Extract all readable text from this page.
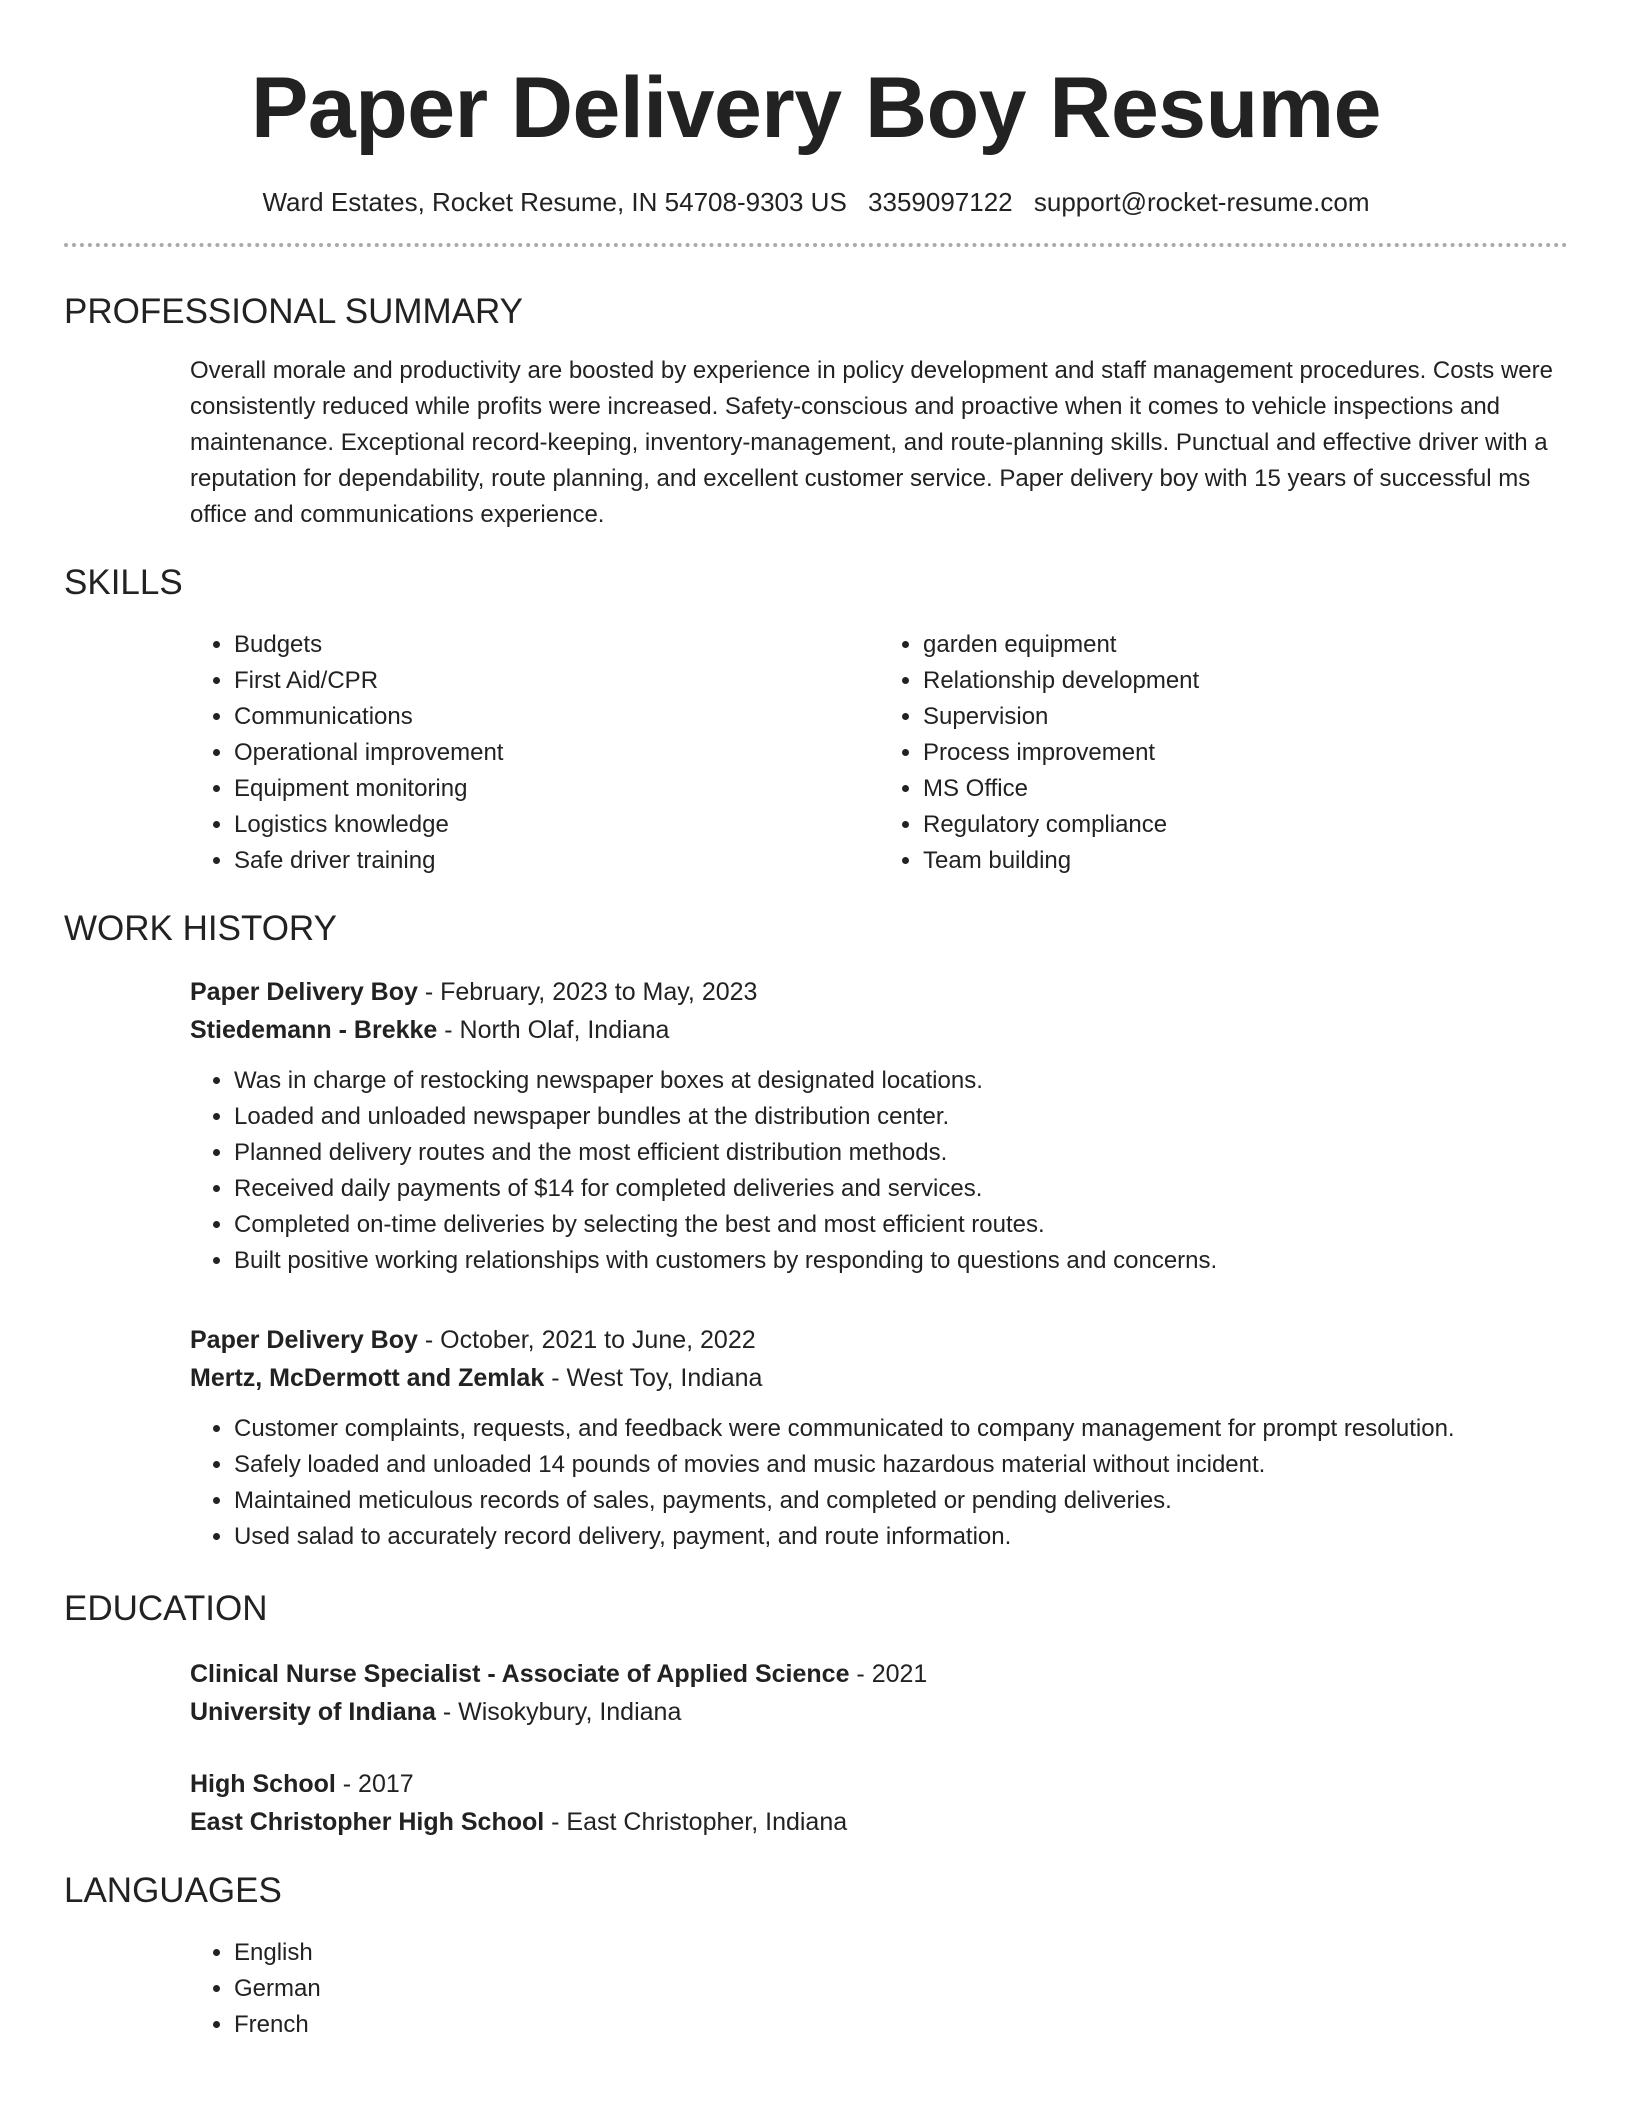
Paper Delivery Boy Resume
Ward Estates, Rocket Resume, IN 54708-9303 US 3359097122 support@rocket-resume.com
PROFESSIONAL SUMMARY

Overall morale and productivity are boosted by experience in policy development and staff management procedures. Costs were consistently reduced while profits were increased. Safety-conscious and proactive when it comes to vehicle inspections and maintenance. Exceptional record-keeping, inventory-management, and route-planning skills. Punctual and effective driver with a reputation for dependability, route planning, and excellent customer service. Paper delivery boy with 15 years of successful ms office and communications experience.

SKILLS
• Budgets
• First Aid/CPR
• Communications
• Operational improvement
• Equipment monitoring
• Logistics knowledge
• Safe driver training
• garden equipment
• Relationship development
• Supervision
• Process improvement
• MS Office
• Regulatory compliance
• Team building
WORK HISTORY
Paper Delivery Boy - February, 2023 to May, 2023
Stiedemann - Brekke - North Olaf, Indiana
• Was in charge of restocking newspaper boxes at designated locations.
• Loaded and unloaded newspaper bundles at the distribution center.
• Planned delivery routes and the most efficient distribution methods.
• Received daily payments of $14 for completed deliveries and services.
• Completed on-time deliveries by selecting the best and most efficient routes.
• Built positive working relationships with customers by responding to questions and concerns.
Paper Delivery Boy - October, 2021 to June, 2022
Mertz, McDermott and Zemlak - West Toy, Indiana
• Customer complaints, requests, and feedback were communicated to company management for prompt resolution.
• Safely loaded and unloaded 14 pounds of movies and music hazardous material without incident.
• Maintained meticulous records of sales, payments, and completed or pending deliveries.
• Used salad to accurately record delivery, payment, and route information.
EDUCATION
Clinical Nurse Specialist - Associate of Applied Science - 2021
University of Indiana - Wisokybury, Indiana
High School - 2017
East Christopher High School - East Christopher, Indiana
LANGUAGES
• English
• German
• French
